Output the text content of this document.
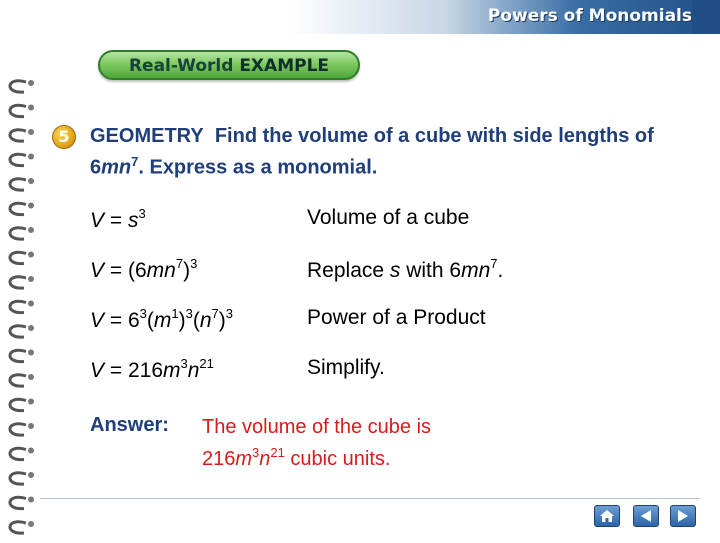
Powers of Monomials
Real-World EXAMPLE
5	GEOMETRY Find the volume of a cube with side lengths of $6mn^7$. Express as a monomial.
$V = s^3$	Volume of a cube
$V = (6mn^7)^3$	Replace s with $6mn^7$.
$V = 6^3(m^1)^3(n^7)^3$	Power of a Product
$V = 216m^3n^{21}$	Simplify.
Answer: The volume of the cube is
$216m^3n^{21}$ cubic units.
